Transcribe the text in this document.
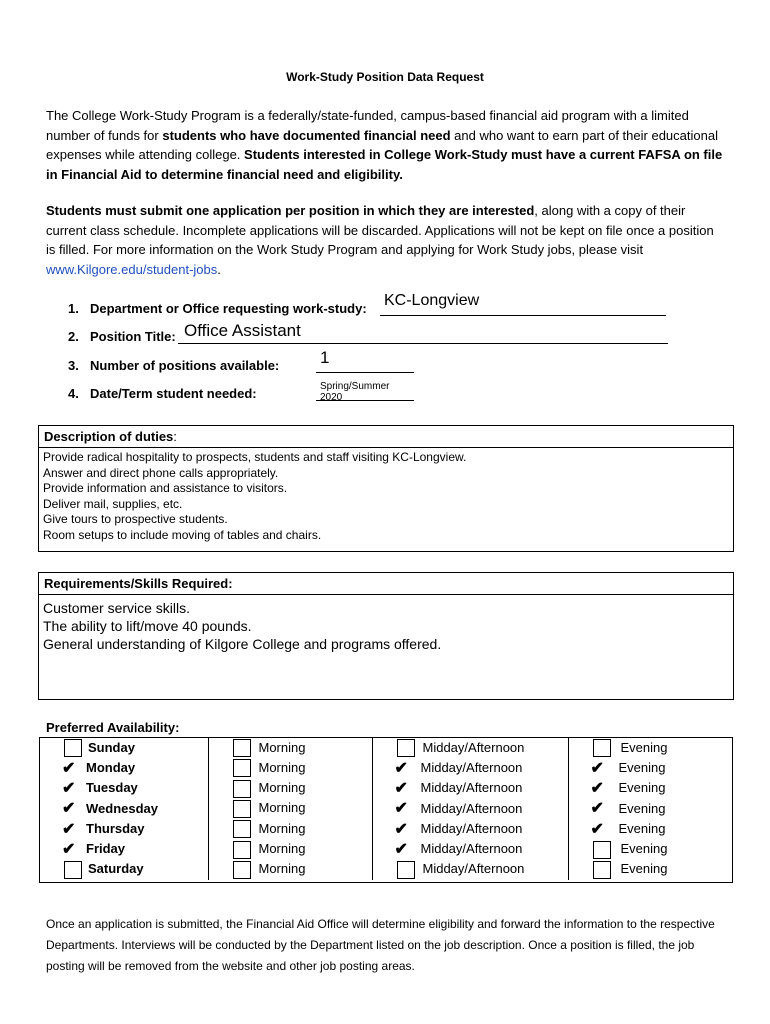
Work-Study Position Data Request
The College Work-Study Program is a federally/state-funded, campus-based financial aid program with a limited number of funds for students who have documented financial need and who want to earn part of their educational expenses while attending college. Students interested in College Work-Study must have a current FAFSA on file in Financial Aid to determine financial need and eligibility.
Students must submit one application per position in which they are interested, along with a copy of their current class schedule. Incomplete applications will be discarded. Applications will not be kept on file once a position is filled. For more information on the Work Study Program and applying for Work Study jobs, please visit www.Kilgore.edu/student-jobs.
1. Department or Office requesting work-study: KC-Longview
2. Position Title: Office Assistant
3. Number of positions available: 1
4. Date/Term student needed:	Spring/Summer 2020
Description of duties:
Provide radical hospitality to prospects, students and staff visiting KC-Longview.
Answer and direct phone calls appropriately.
Provide information and assistance to visitors.
Deliver mail, supplies, etc.
Give tours to prospective students.
Room setups to include moving of tables and chairs.
Requirements/Skills Required:
Customer service skills.
The ability to lift/move 40 pounds.
General understanding of Kilgore College and programs offered.
Preferred Availability:
Sunday	Morning	Midday/Afternoon	Evening
✔ Monday	Morning	✔ Midday/Afternoon	✔ Evening
✔ Tuesday	Morning	✔ Midday/Afternoon	✔ Evening
✔ Wednesday	Morning	✔ Midday/Afternoon	✔ Evening
✔ Thursday	Morning	✔ Midday/Afternoon	✔ Evening
✔ Friday	Morning	✔ Midday/Afternoon	Evening
Saturday	Morning	Midday/Afternoon	Evening
Once an application is submitted, the Financial Aid Office will determine eligibility and forward the information to the respective Departments. Interviews will be conducted by the Department listed on the job description. Once a position is filled, the job posting will be removed from the website and other job posting areas.
